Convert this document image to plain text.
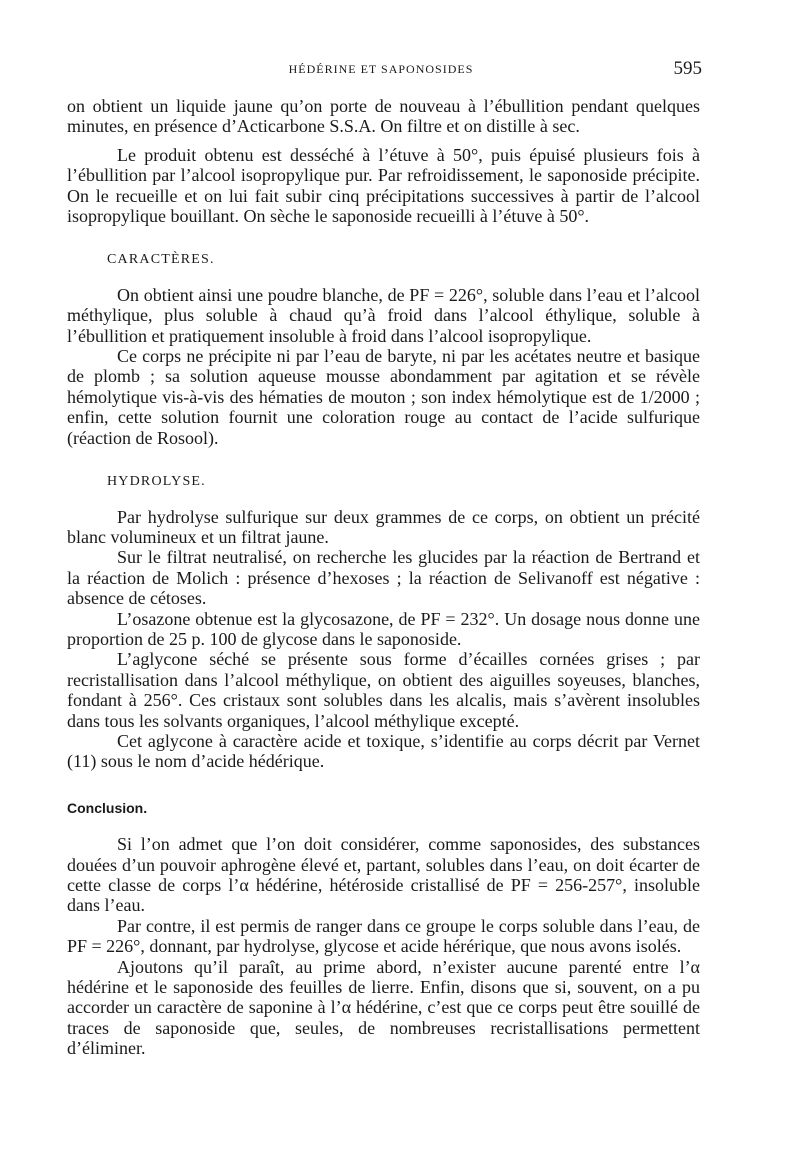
HÉDÉRINE ET SAPONOSIDES	595

on obtient un liquide jaune qu’on porte de nouveau à l’ébullition pendant quelques minutes, en présence d’Acticarbone S.S.A. On filtre et on distille à sec.

Le produit obtenu est desséché à l’étuve à 50°, puis épuisé plusieurs fois à l’ébullition par l’alcool isopropylique pur. Par refroidissement, le saponoside précipite. On le recueille et on lui fait subir cinq précipitations successives à partir de l’alcool isopropylique bouillant. On sèche le saponoside recueilli à l’étuve à 50°.

CARACTÈRES.

On obtient ainsi une poudre blanche, de PF = 226°, soluble dans l’eau et l’alcool méthylique, plus soluble à chaud qu’à froid dans l’alcool éthylique, soluble à l’ébullition et pratiquement insoluble à froid dans l’alcool isopropylique.

Ce corps ne précipite ni par l’eau de baryte, ni par les acétates neutre et basique de plomb ; sa solution aqueuse mousse abondamment par agitation et se révèle hémolytique vis-à-vis des hématies de mouton ; son index hémolytique est de 1/2000 ; enfin, cette solution fournit une coloration rouge au contact de l’acide sulfurique (réaction de Rosool).

HYDROLYSE.

Par hydrolyse sulfurique sur deux grammes de ce corps, on obtient un précité blanc volumineux et un filtrat jaune.

Sur le filtrat neutralisé, on recherche les glucides par la réaction de Bertrand et la réaction de Molich : présence d’hexoses ; la réaction de Selivanoff est négative : absence de cétoses.

L’osazone obtenue est la glycosazone, de PF = 232°. Un dosage nous donne une proportion de 25 p. 100 de glycose dans le saponoside.

L’aglycone séché se présente sous forme d’écailles cornées grises ; par recristallisation dans l’alcool méthylique, on obtient des aiguilles soyeuses, blanches, fondant à 256°. Ces cristaux sont solubles dans les alcalis, mais s’avèrent insolubles dans tous les solvants organiques, l’alcool méthylique excepté.

Cet aglycone à caractère acide et toxique, s’identifie au corps décrit par Vernet (11) sous le nom d’acide hédérique.

Conclusion.

Si l’on admet que l’on doit considérer, comme saponosides, des substances douées d’un pouvoir aphrogène élevé et, partant, solubles dans l’eau, on doit écarter de cette classe de corps l’α hédérine, hétéroside cristallisé de PF = 256-257°, insoluble dans l’eau.

Par contre, il est permis de ranger dans ce groupe le corps soluble dans l’eau, de PF = 226°, donnant, par hydrolyse, glycose et acide hérérique, que nous avons isolés.

Ajoutons qu’il paraît, au prime abord, n’exister aucune parenté entre l’α hédérine et le saponoside des feuilles de lierre. Enfin, disons que si, souvent, on a pu accorder un caractère de saponine à l’α hédérine, c’est que ce corps peut être souillé de traces de saponoside que, seules, de nombreuses recristallisations permettent d’éliminer.
